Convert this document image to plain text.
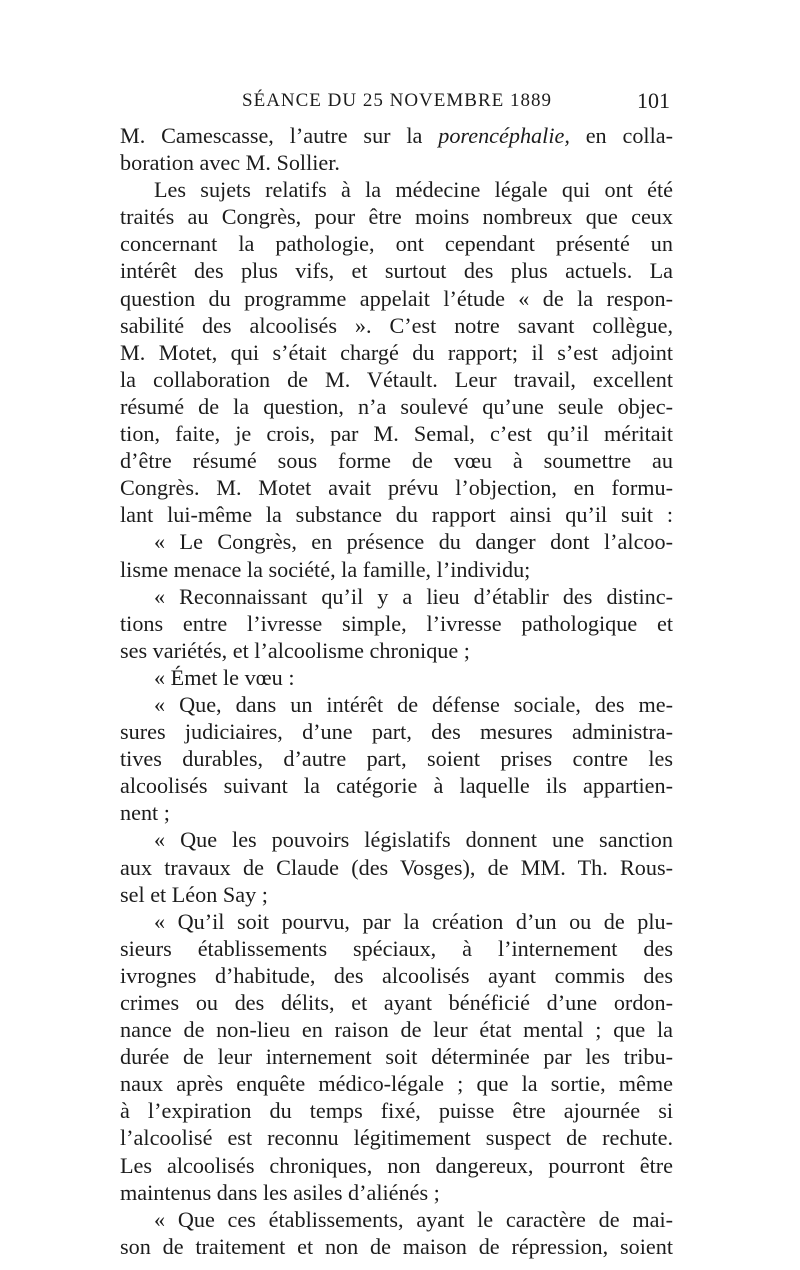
SÉANCE DU 25 NOVEMBRE 1889	101
M. Camescasse, l’autre sur la porencéphalie, en colla-
boration avec M. Sollier.
Les sujets relatifs à la médecine légale qui ont été
traités au Congrès, pour être moins nombreux que ceux
concernant la pathologie, ont cependant présenté un
intérêt des plus vifs, et surtout des plus actuels. La
question du programme appelait l’étude « de la respon-
sabilité des alcoolisés ». C’est notre savant collègue,
M. Motet, qui s’était chargé du rapport; il s’est adjoint
la collaboration de M. Vétault. Leur travail, excellent
résumé de la question, n’a soulevé qu’une seule objec-
tion, faite, je crois, par M. Semal, c’est qu’il méritait
d’être résumé sous forme de vœu à soumettre au
Congrès. M. Motet avait prévu l’objection, en formu-
lant lui-même la substance du rapport ainsi qu’il suit :
« Le Congrès, en présence du danger dont l’alcoo-
lisme menace la société, la famille, l’individu;
« Reconnaissant qu’il y a lieu d’établir des distinc-
tions entre l’ivresse simple, l’ivresse pathologique et
ses variétés, et l’alcoolisme chronique ;
« Émet le vœu :
« Que, dans un intérêt de défense sociale, des me-
sures judiciaires, d’une part, des mesures administra-
tives durables, d’autre part, soient prises contre les
alcoolisés suivant la catégorie à laquelle ils appartien-
nent ;
« Que les pouvoirs législatifs donnent une sanction
aux travaux de Claude (des Vosges), de MM. Th. Rous-
sel et Léon Say ;
« Qu’il soit pourvu, par la création d’un ou de plu-
sieurs établissements spéciaux, à l’internement des
ivrognes d’habitude, des alcoolisés ayant commis des
crimes ou des délits, et ayant bénéficié d’une ordon-
nance de non-lieu en raison de leur état mental ; que la
durée de leur internement soit déterminée par les tribu-
naux après enquête médico-légale ; que la sortie, même
à l’expiration du temps fixé, puisse être ajournée si
l’alcoolisé est reconnu légitimement suspect de rechute.
Les alcoolisés chroniques, non dangereux, pourront être
maintenus dans les asiles d’aliénés ;
« Que ces établissements, ayant le caractère de mai-
son de traitement et non de maison de répression, soient
